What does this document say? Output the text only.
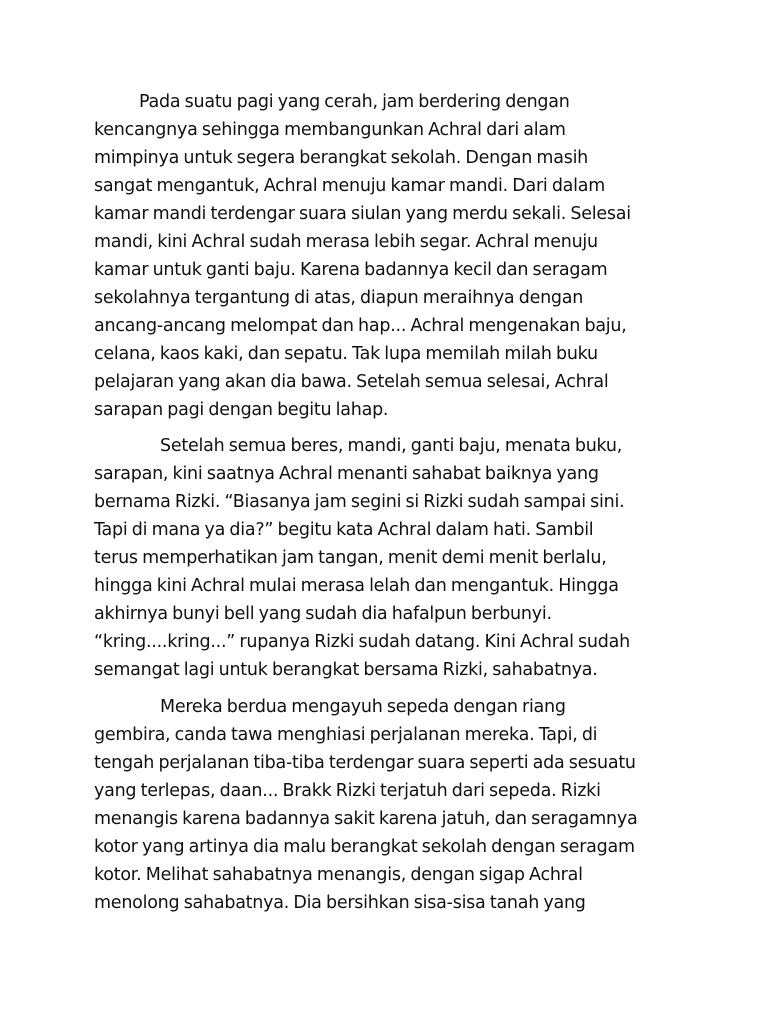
Pada suatu pagi yang cerah, jam berdering dengan
kencangnya sehingga membangunkan Achral dari alam
mimpinya untuk segera berangkat sekolah. Dengan masih
sangat mengantuk, Achral menuju kamar mandi. Dari dalam
kamar mandi terdengar suara siulan yang merdu sekali. Selesai
mandi, kini Achral sudah merasa lebih segar. Achral menuju
kamar untuk ganti baju. Karena badannya kecil dan seragam
sekolahnya tergantung di atas, diapun meraihnya dengan
ancang-ancang melompat dan hap... Achral mengenakan baju,
celana, kaos kaki, dan sepatu. Tak lupa memilah milah buku
pelajaran yang akan dia bawa. Setelah semua selesai, Achral
sarapan pagi dengan begitu lahap.
Setelah semua beres, mandi, ganti baju, menata buku,
sarapan, kini saatnya Achral menanti sahabat baiknya yang
bernama Rizki. “Biasanya jam segini si Rizki sudah sampai sini.
Tapi di mana ya dia?” begitu kata Achral dalam hati. Sambil
terus memperhatikan jam tangan, menit demi menit berlalu,
hingga kini Achral mulai merasa lelah dan mengantuk. Hingga
akhirnya bunyi bell yang sudah dia hafalpun berbunyi.
“kring....kring...” rupanya Rizki sudah datang. Kini Achral sudah
semangat lagi untuk berangkat bersama Rizki, sahabatnya.
Mereka berdua mengayuh sepeda dengan riang
gembira, canda tawa menghiasi perjalanan mereka. Tapi, di
tengah perjalanan tiba-tiba terdengar suara seperti ada sesuatu
yang terlepas, daan... Brakk Rizki terjatuh dari sepeda. Rizki
menangis karena badannya sakit karena jatuh, dan seragamnya
kotor yang artinya dia malu berangkat sekolah dengan seragam
kotor. Melihat sahabatnya menangis, dengan sigap Achral
menolong sahabatnya. Dia bersihkan sisa-sisa tanah yang
